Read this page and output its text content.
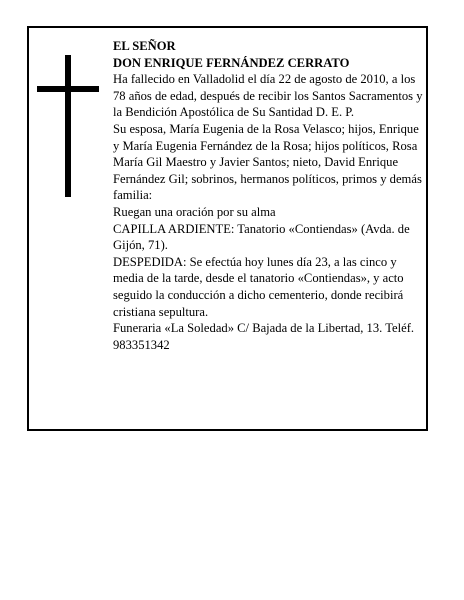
EL SEÑOR

DON ENRIQUE FERNÁNDEZ CERRATO

Ha fallecido en Valladolid el día 22 de agosto de 2010, a los 78 años de edad, después de recibir los Santos Sacramentos y la Bendición Apostólica de Su Santidad D. E. P.

Su esposa, María Eugenia de la Rosa Velasco; hijos, Enrique y María Eugenia Fernández de la Rosa; hijos políticos, Rosa María Gil Maestro y Javier Santos; nieto, David Enrique Fernández Gil; sobrinos, hermanos políticos, primos y demás familia:

Ruegan una oración por su alma

CAPILLA ARDIENTE: Tanatorio «Contiendas» (Avda. de Gijón, 71).

DESPEDIDA: Se efectúa hoy lunes día 23, a las cinco y media de la tarde, desde el tanatorio «Contiendas», y acto seguido la conducción a dicho cementerio, donde recibirá cristiana sepultura.

Funeraria «La Soledad» C/ Bajada de la Libertad, 13. Teléf. 983351342
